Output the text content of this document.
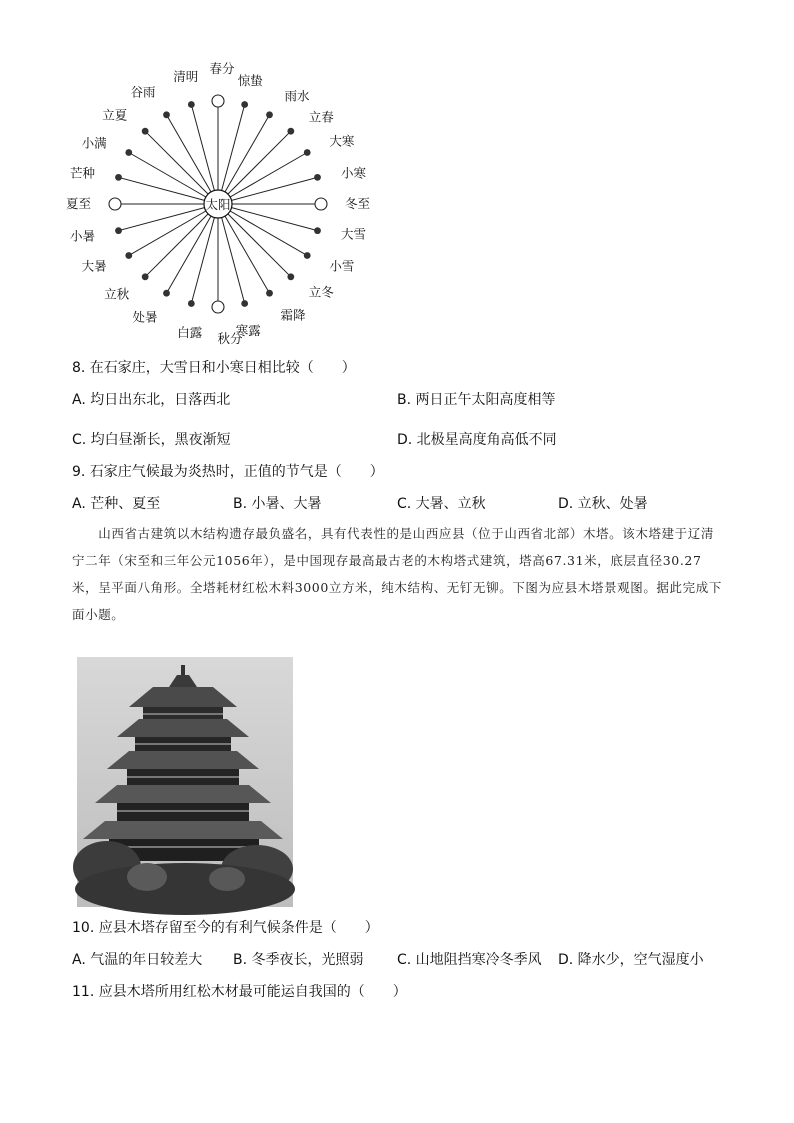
春分
惊蛰
雨水
立春
大寒
小寒
冬至
大雪
小雪
立冬
霜降
寒露
秋分
白露
处暑
立秋
大暑
小暑
夏至
芒种
小满
立夏
谷雨
清明
太阳
8. 在石家庄，大雪日和小寒日相比较（　　）
A. 均日出东北，日落西北	B. 两日正午太阳高度相等
C. 均白昼渐长，黑夜渐短	D. 北极星高度角高低不同
9. 石家庄气候最为炎热时，正值的节气是（　　）
A. 芒种、夏至	B. 小暑、大暑	C. 大暑、立秋	D. 立秋、处暑
山西省古建筑以木结构遗存最负盛名，具有代表性的是山西应县（位于山西省北部）木塔。该木塔建于辽清宁二年（宋至和三年公元1056年），是中国现存最高最古老的木构塔式建筑，塔高67.31米，底层直径30.27米，呈平面八角形。全塔耗材红松木料3000立方米，纯木结构、无钉无铆。下图为应县木塔景观图。据此完成下面小题。
10. 应县木塔存留至今的有利气候条件是（　　）
A. 气温的年日较差大 B. 冬季夜长，光照弱 C. 山地阻挡寒冷冬季风 D. 降水少，空气湿度小
11. 应县木塔所用红松木材最可能运自我国的（　　）
